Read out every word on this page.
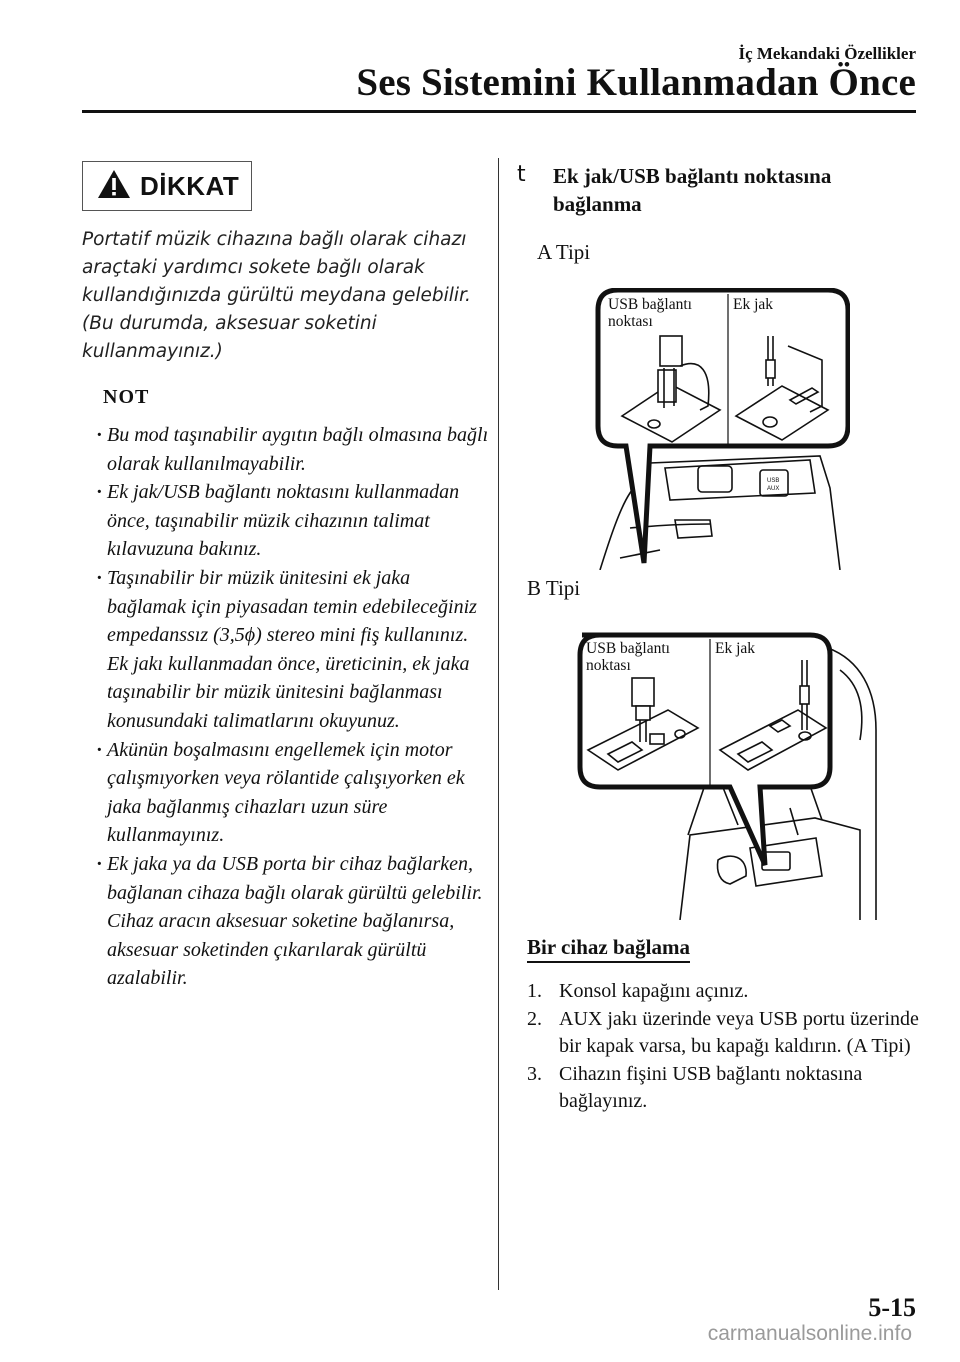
İç Mekandaki Özellikler
Ses Sistemini Kullanmadan Önce
DİKKAT
Portatif müzik cihazına bağlı olarak cihazı araçtaki yardımcı sokete bağlı olarak kullandığınızda gürültü meydana gelebilir. (Bu durumda, aksesuar soketini kullanmayınız.)
NOT
· Bu mod taşınabilir aygıtın bağlı olmasına bağlı olarak kullanılmayabilir.
· Ek jak/USB bağlantı noktasını kullanmadan önce, taşınabilir müzik cihazının talimat kılavuzuna bakınız.
· Taşınabilir bir müzik ünitesini ek jaka bağlamak için piyasadan temin edebileceğiniz empedanssız (3,5ϕ) stereo mini fiş kullanınız. Ek jakı kullanmadan önce, üreticinin, ek jaka taşınabilir bir müzik ünitesini bağlanması konusundaki talimatlarını okuyunuz.
· Akünün boşalmasını engellemek için motor çalışmıyorken veya rölantide çalışıyorken ek jaka bağlanmış cihazları uzun süre kullanmayınız.
· Ek jaka ya da USB porta bir cihaz bağlarken, bağlanan cihaza bağlı olarak gürültü gelebilir. Cihaz aracın aksesuar soketine bağlanırsa, aksesuar soketinden çıkarılarak gürültü azalabilir.
t Ek jak/USB bağlantı noktasına bağlanma
A Tipi
USB
AUX
USB bağlantı noktası
Ek jak
B Tipi
USB bağlantı noktası
Ek jak
Bir cihaz bağlama
1. Konsol kapağını açınız.
2. AUX jakı üzerinde veya USB portu üzerinde bir kapak varsa, bu kapağı kaldırın. (A Tipi)
3. Cihazın fişini USB bağlantı noktasına bağlayınız.
5-15
carmanualsonline.info
